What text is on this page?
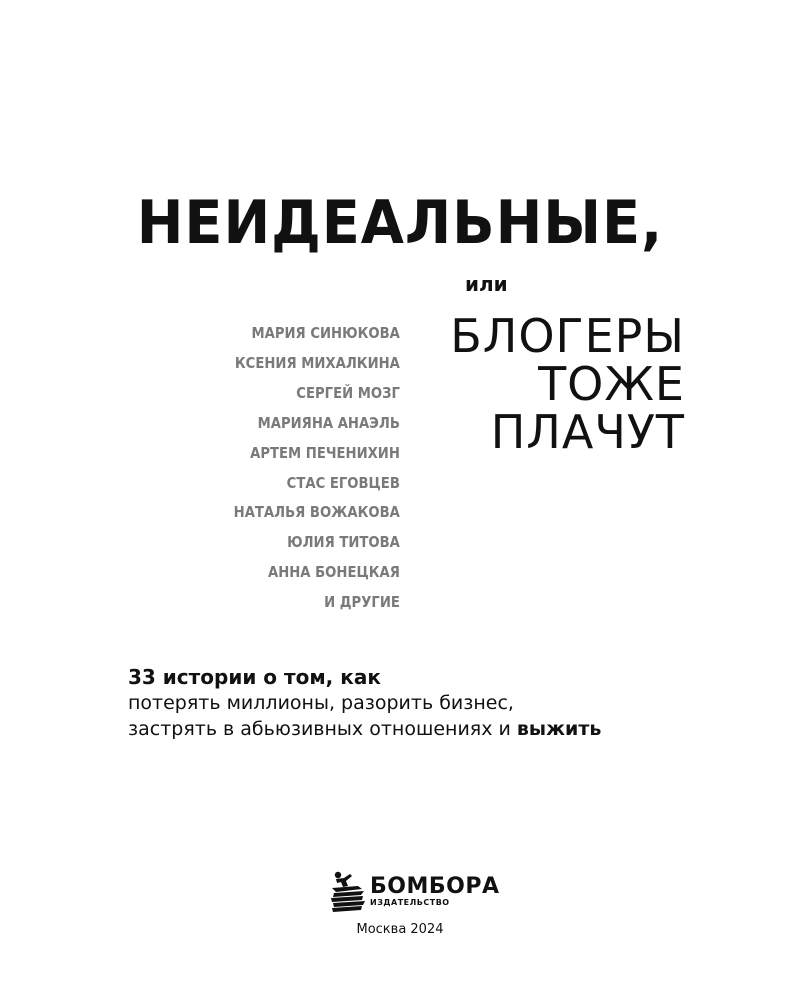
НЕИДЕАЛЬНЫЕ,
или
БЛОГЕРЫ
ТОЖЕ
ПЛАЧУТ
МАРИЯ СИНЮКОВА
КСЕНИЯ МИХАЛКИНА
СЕРГЕЙ МОЗГ
МАРИЯНА АНАЭЛЬ
АРТЕМ ПЕЧЕНИХИН
СТАС ЕГОВЦЕВ
НАТАЛЬЯ ВОЖАКОВА
ЮЛИЯ ТИТОВА
АННА БОНЕЦКАЯ
И ДРУГИЕ
33 истории о том, как
потерять миллионы, разорить бизнес,
застрять в абьюзивных отношениях и выжить
БОМБОРА
ИЗДАТЕЛЬСТВО
Москва 2024
